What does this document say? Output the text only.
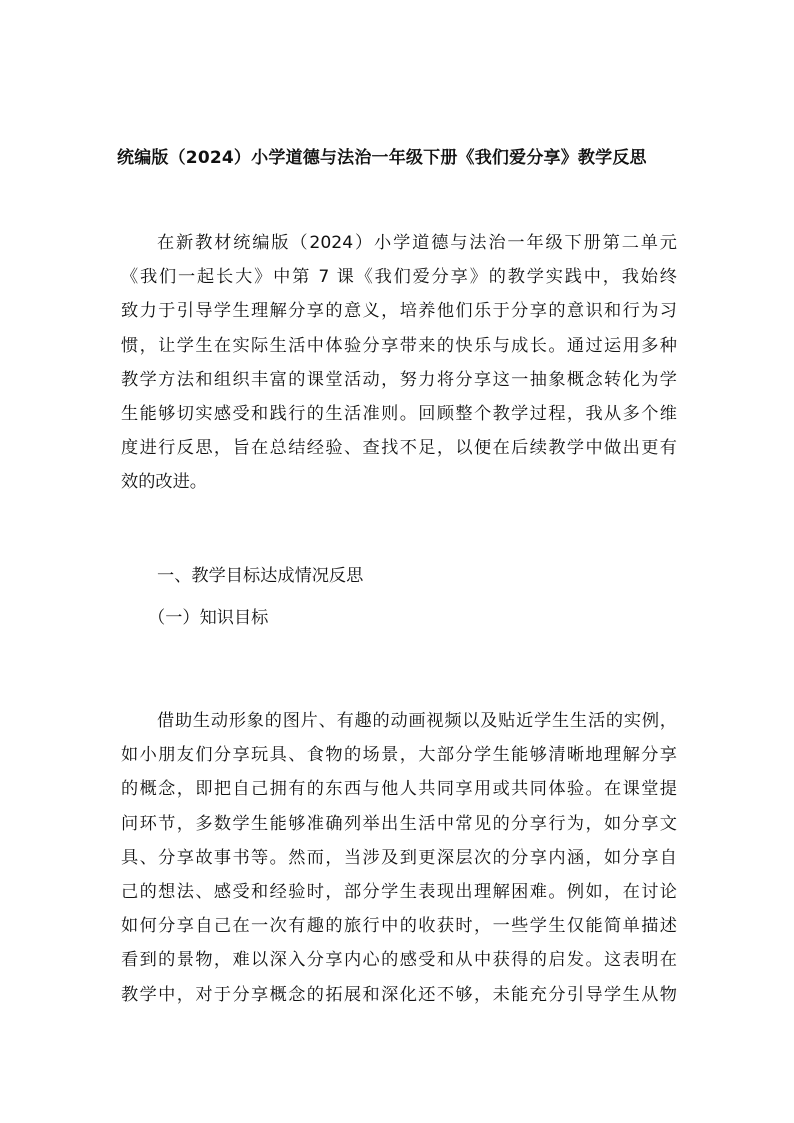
统编版（2024）小学道德与法治一年级下册《我们爱分享》教学反思
在新教材统编版（2024）小学道德与法治一年级下册第二单元
《我们一起长大》中第 7 课《我们爱分享》的教学实践中，我始终
致力于引导学生理解分享的意义，培养他们乐于分享的意识和行为习
惯，让学生在实际生活中体验分享带来的快乐与成长。通过运用多种
教学方法和组织丰富的课堂活动，努力将分享这一抽象概念转化为学
生能够切实感受和践行的生活准则。回顾整个教学过程，我从多个维
度进行反思，旨在总结经验、查找不足，以便在后续教学中做出更有
效的改进。
一、教学目标达成情况反思
（一）知识目标
借助生动形象的图片、有趣的动画视频以及贴近学生生活的实例，
如小朋友们分享玩具、食物的场景，大部分学生能够清晰地理解分享
的概念，即把自己拥有的东西与他人共同享用或共同体验。在课堂提
问环节，多数学生能够准确列举出生活中常见的分享行为，如分享文
具、分享故事书等。然而，当涉及到更深层次的分享内涵，如分享自
己的想法、感受和经验时，部分学生表现出理解困难。例如，在讨论
如何分享自己在一次有趣的旅行中的收获时，一些学生仅能简单描述
看到的景物，难以深入分享内心的感受和从中获得的启发。这表明在
教学中，对于分享概念的拓展和深化还不够，未能充分引导学生从物
